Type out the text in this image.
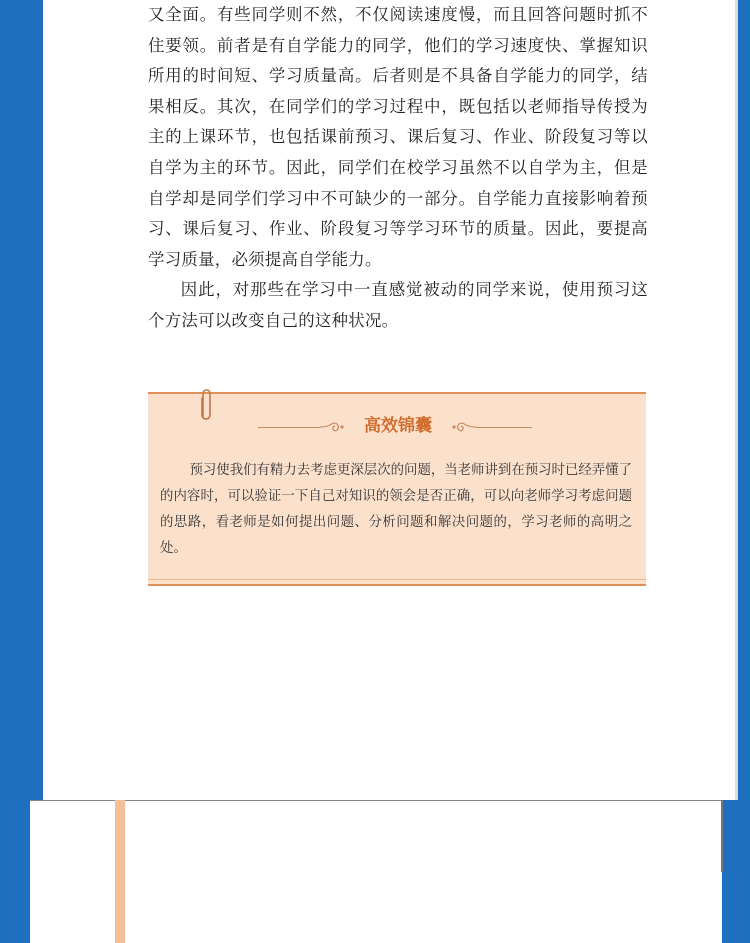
又全面。有些同学则不然，不仅阅读速度慢，而且回答问题时抓不住要领。前者是有自学能力的同学，他们的学习速度快、掌握知识所用的时间短、学习质量高。后者则是不具备自学能力的同学，结果相反。其次，在同学们的学习过程中，既包括以老师指导传授为主的上课环节，也包括课前预习、课后复习、作业、阶段复习等以自学为主的环节。因此，同学们在校学习虽然不以自学为主，但是自学却是同学们学习中不可缺少的一部分。自学能力直接影响着预习、课后复习、作业、阶段复习等学习环节的质量。因此，要提高学习质量，必须提高自学能力。

因此，对那些在学习中一直感觉被动的同学来说，使用预习这个方法可以改变自己的这种状况。

高效锦囊

预习使我们有精力去考虑更深层次的问题，当老师讲到在预习时已经弄懂了的内容时，可以验证一下自己对知识的领会是否正确，可以向老师学习考虑问题的思路，看老师是如何提出问题、分析问题和解决问题的，学习老师的高明之处。
